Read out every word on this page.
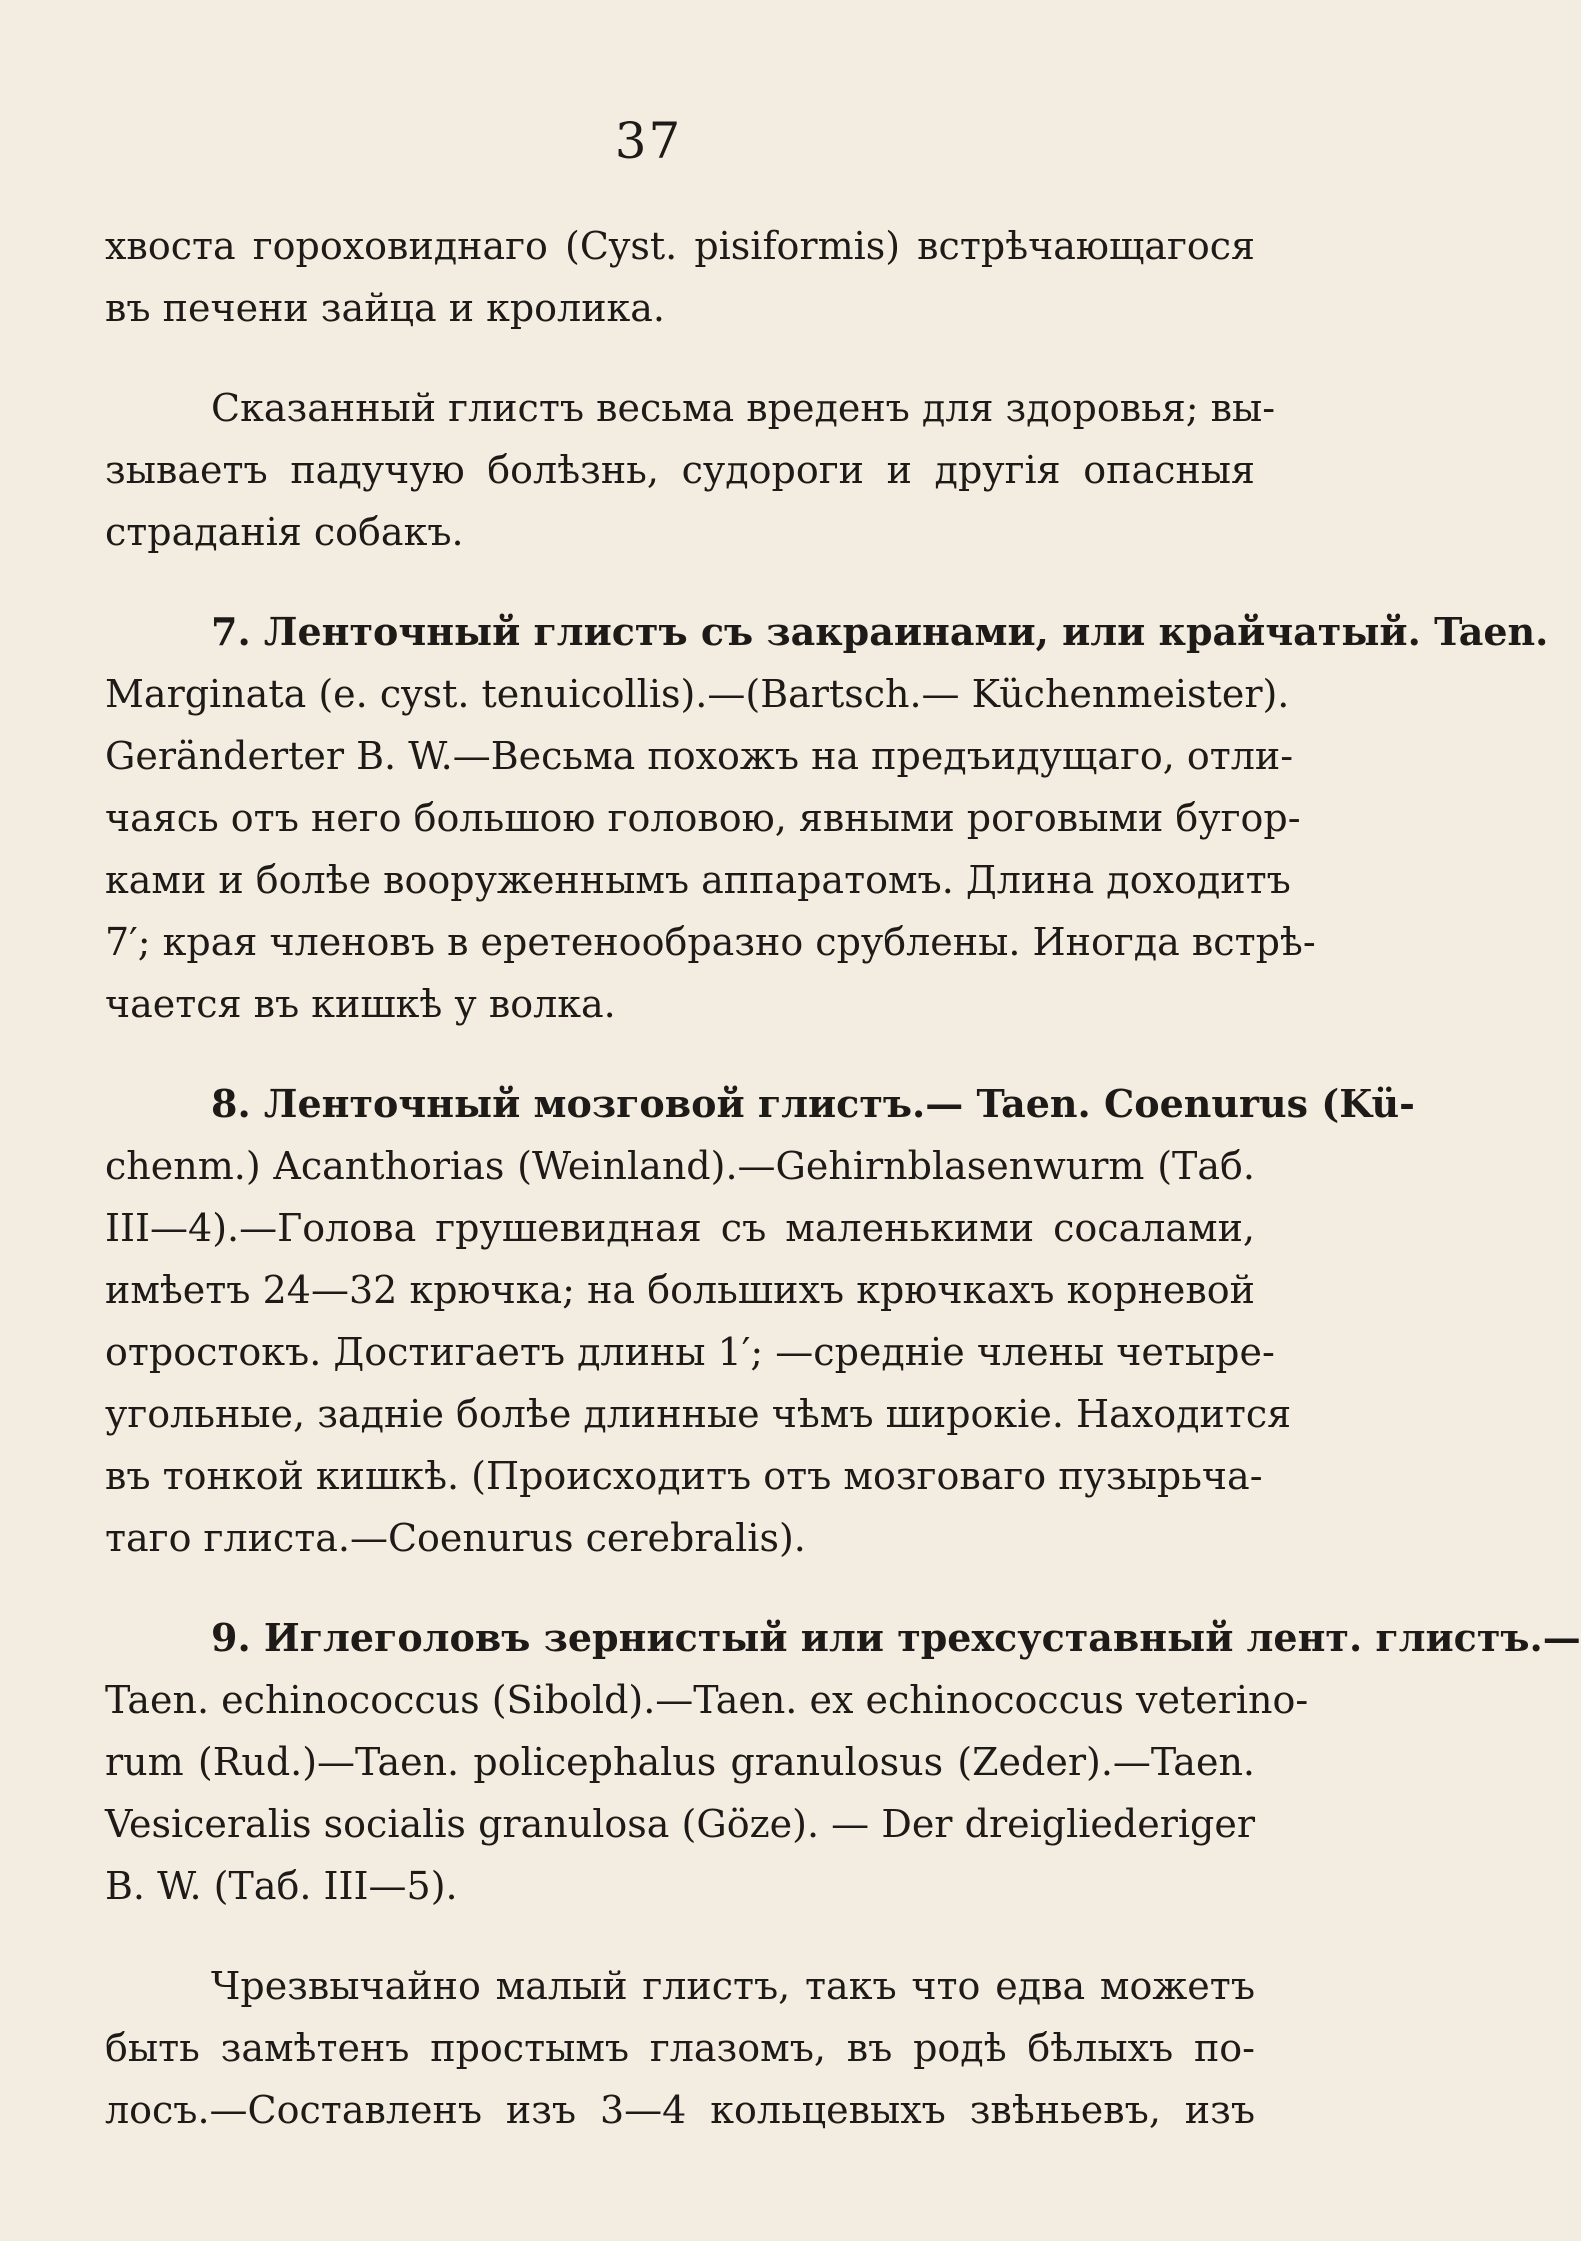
37
хвоста гороховиднаго (Cyst. pisiformis) встрѣчающагося
въ печени зайца и кролика.
Сказанный глистъ весьма вреденъ для здоровья; вы-
зываетъ падучую болѣзнь, судороги и другія опасныя
страданія собакъ.
7. Ленточный глистъ съ закраинами, или крайчатый. Taen.
Marginata (e. cyst. tenuicollis).—(Bartsch.— Küchenmeister).
Geränderter B. W.—Весьма похожъ на предъидущаго, отли-
чаясь отъ него большою головою, явными роговыми бугор-
ками и болѣе вооруженнымъ аппаратомъ. Длина доходитъ
7′; края членовъ в еретенообразно срублены. Иногда встрѣ-
чается въ кишкѣ у волка.
8. Ленточный мозговой глистъ.— Taen. Coenurus (Kü-
chenm.) Acanthorias (Weinland).—Gehirnblasenwurm (Таб.
III—4).—Голова грушевидная съ маленькими сосалами,
имѣетъ 24—32 крючка; на большихъ крючкахъ корневой
отростокъ. Достигаетъ длины 1′; —средніе члены четыре-
угольные, задніе болѣе длинные чѣмъ широкіе. Находится
въ тонкой кишкѣ. (Происходитъ отъ мозговаго пузырьча-
таго глиста.—Coenurus cerebralis).
9. Иглеголовъ зернистый или трехсуставный лент. глистъ.—
Taen. echinococcus (Sibold).—Taen. ex echinococcus veterino-
rum (Rud.)—Taen. policephalus granulosus (Zeder).—Taen.
Vesiceralis socialis granulosa (Göze). — Der dreigliederiger
B. W. (Таб. III—5).
Чрезвычайно малый глистъ, такъ что едва можетъ
быть замѣтенъ простымъ глазомъ, въ родѣ бѣлыхъ по-
лосъ.—Составленъ изъ 3—4 кольцевыхъ звѣньевъ, изъ
